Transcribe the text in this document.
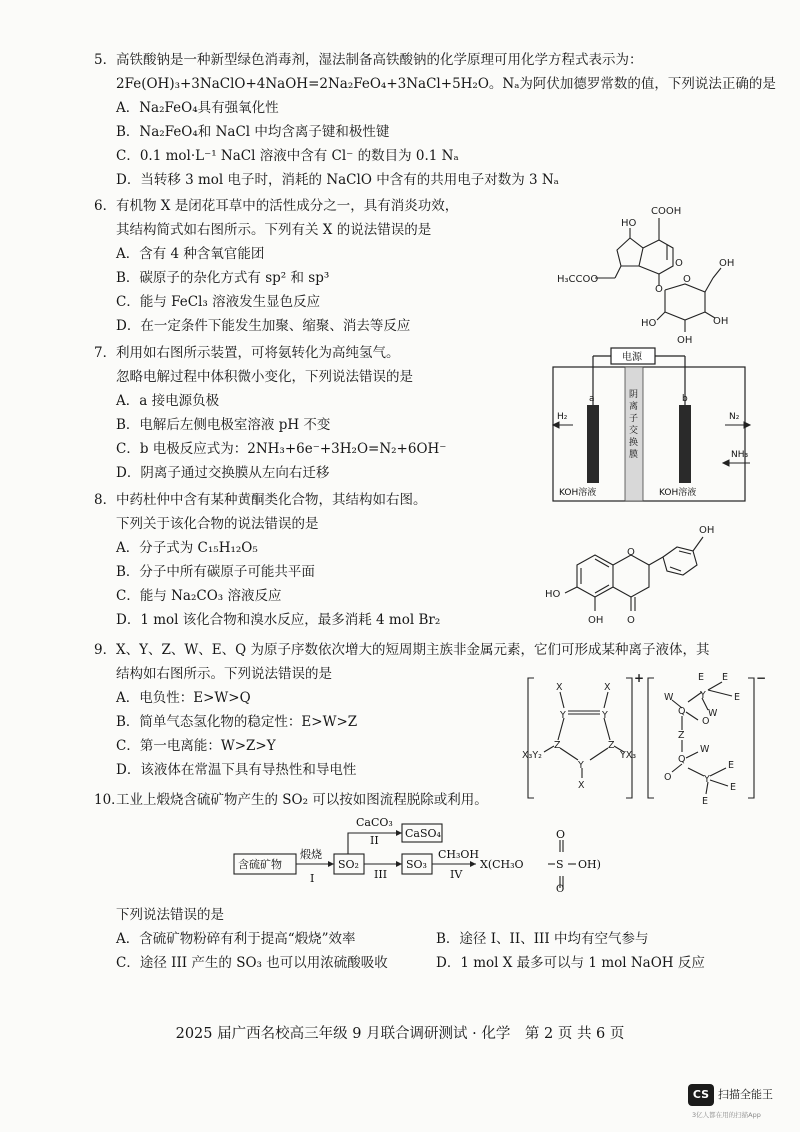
5．高铁酸钠是一种新型绿色消毒剂，湿法制备高铁酸钠的化学原理可用化学方程式表示为：
2Fe(OH)₃+3NaClO+4NaOH=2Na₂FeO₄+3NaCl+5H₂O。Nₐ为阿伏加德罗常数的值，下列说法正确的是
A．Na₂FeO₄具有强氧化性
B．Na₂FeO₄和 NaCl 中均含离子键和极性键
C．0.1 mol·L⁻¹ NaCl 溶液中含有 Cl⁻ 的数目为 0.1 Nₐ
D．当转移 3 mol 电子时，消耗的 NaClO 中含有的共用电子对数为 3 Nₐ
6．有机物 X 是闭花耳草中的活性成分之一，具有消炎功效，
其结构简式如右图所示。下列有关 X 的说法错误的是
A．含有 4 种含氧官能团
B．碳原子的杂化方式有 sp² 和 sp³
C．能与 FeCl₃ 溶液发生显色反应
D．在一定条件下能发生加聚、缩聚、消去等反应
HO
COOH
H₃CCOO
O
O
O
OH
HO
OH
OH
7．利用如右图所示装置，可将氨转化为高纯氢气。
忽略电解过程中体积微小变化，下列说法错误的是
A．a 接电源负极
B．电解后左侧电极室溶液 pH 不变
C．b 电极反应式为：2NH₃+6e⁻+3H₂O=N₂+6OH⁻
D．阴离子通过交换膜从左向右迁移
电源
a	b
H₂	N₂
NH₃
阴
离
子
交
换
膜
KOH溶液	KOH溶液
8．中药杜仲中含有某种黄酮类化合物，其结构如右图。
下列关于该化合物的说法错误的是
A．分子式为 C₁₅H₁₂O₅
B．分子中所有碳原子可能共平面
C．能与 Na₂CO₃ 溶液反应
D．1 mol 该化合物和溴水反应，最多消耗 4 mol Br₂
OH
HO
O
OH O
9．X、Y、Z、W、E、Q 为原子序数依次增大的短周期主族非金属元素，它们可形成某种离子液体，其
结构如右图所示。下列说法错误的是
A．电负性：E>W>Q
B．简单气态氢化物的稳定性：E>W>Z
C．第一电离能：W>Z>Y
D．该液体在常温下具有导热性和导电性
X	X
Y	Y
X₃Y₂
Z	Z
YX₃
Y
X
+	E E
E
W	Y
Q
O
W
Z
Q
W
O	Y
E
E
E
−
10．工业上煅烧含硫矿物产生的 SO₂ 可以按如图流程脱除或利用。
含硫矿物
煅烧
I
SO₂
CaCO₃
II
CaSO₄
III
SO₃
CH₃OH
IV
X(CH₃O	S
O
O
OH)
下列说法错误的是
A．含硫矿物粉碎有利于提高“煅烧”效率	B．途径 I、II、III 中均有空气参与
C．途径 III 产生的 SO₃ 也可以用浓硫酸吸收	D．1 mol X 最多可以与 1 mol NaOH 反应
2025 届广西名校高三年级 9 月联合调研测试 · 化学　第 2 页 共 6 页
CS 扫描全能王
3亿人都在用的扫描App
